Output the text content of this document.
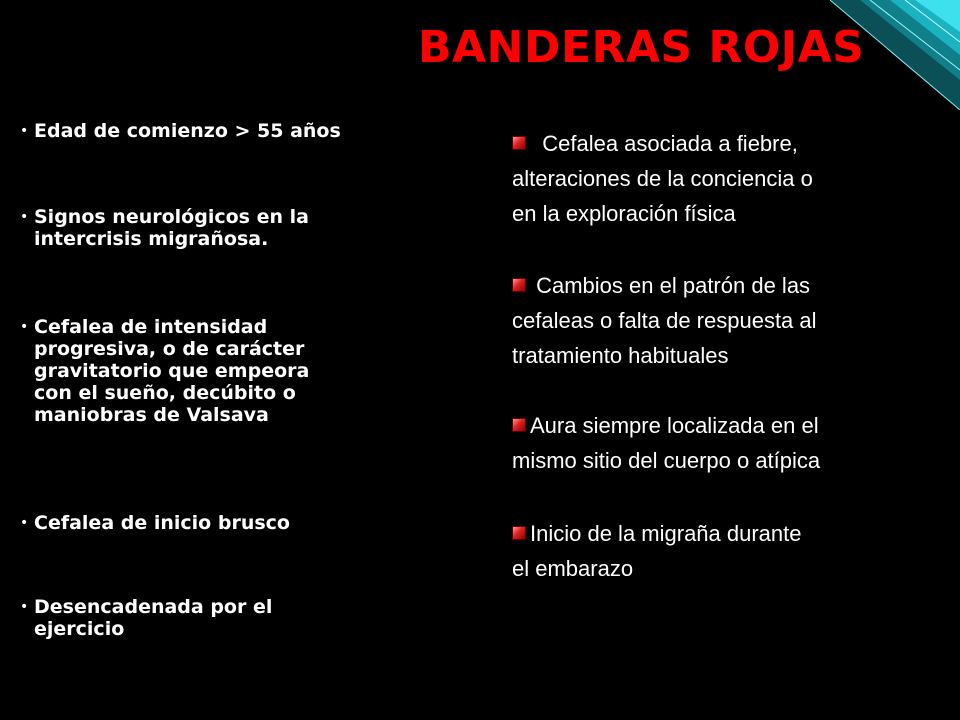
BANDERAS ROJAS
• Edad de comienzo > 55 años
• Signos neurológicos en la
intercrisis migrañosa.
• Cefalea de intensidad
progresiva, o de carácter
gravitatorio que empeora
con el sueño, decúbito o
maniobras de Valsava
• Cefalea de inicio brusco
• Desencadenada por el
ejercicio
Cefalea asociada a fiebre,
alteraciones de la conciencia o
en la exploración física
Cambios en el patrón de las
cefaleas o falta de respuesta al
tratamiento habituales
Aura siempre localizada en el
mismo sitio del cuerpo o atípica
Inicio de la migraña durante
el embarazo
